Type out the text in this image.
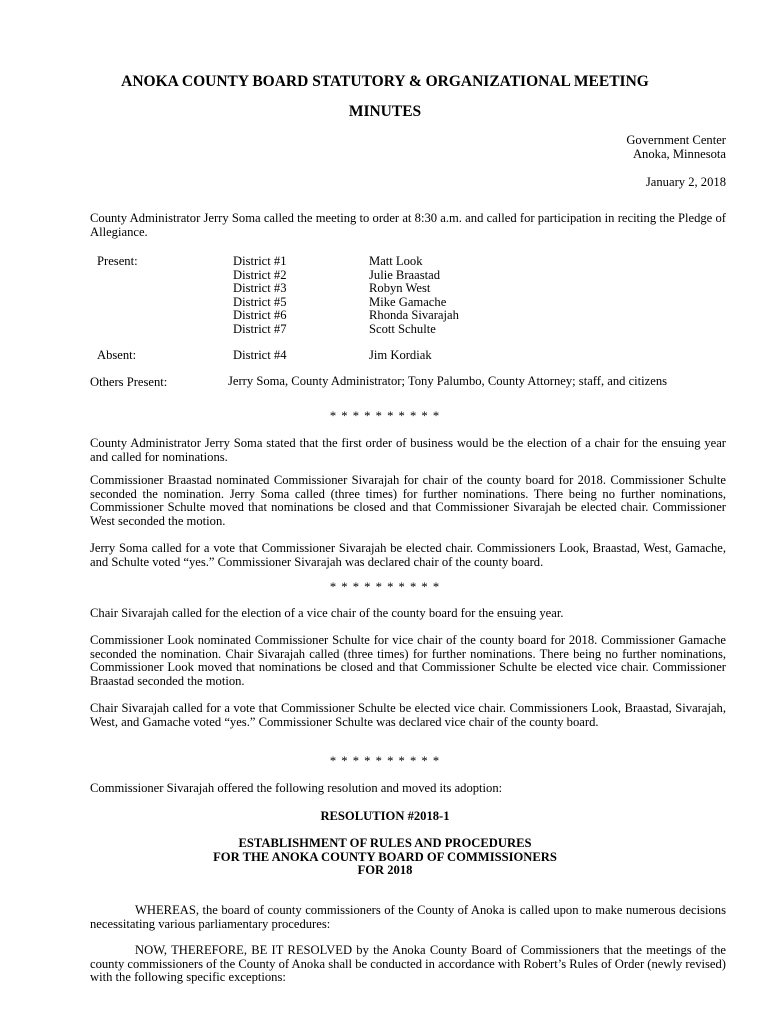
ANOKA COUNTY BOARD STATUTORY & ORGANIZATIONAL MEETING
MINUTES
Government Center
Anoka, Minnesota
January 2, 2018
County Administrator Jerry Soma called the meeting to order at 8:30 a.m. and called for participation in reciting the Pledge of Allegiance.
Present:	District #1	Matt Look
District #2	Julie Braastad
District #3	Robyn West
District #5	Mike Gamache
District #6	Rhonda Sivarajah
District #7	Scott Schulte
Absent:	District #4	Jim Kordiak
Others Present:	Jerry Soma, County Administrator; Tony Palumbo, County Attorney; staff, and citizens
* * * * * * * * * *
County Administrator Jerry Soma stated that the first order of business would be the election of a chair for the ensuing year and called for nominations.
Commissioner Braastad nominated Commissioner Sivarajah for chair of the county board for 2018. Commissioner Schulte seconded the nomination. Jerry Soma called (three times) for further nominations. There being no further nominations, Commissioner Schulte moved that nominations be closed and that Commissioner Sivarajah be elected chair. Commissioner West seconded the motion.
Jerry Soma called for a vote that Commissioner Sivarajah be elected chair. Commissioners Look, Braastad, West, Gamache, and Schulte voted “yes.” Commissioner Sivarajah was declared chair of the county board.
* * * * * * * * * *
Chair Sivarajah called for the election of a vice chair of the county board for the ensuing year.
Commissioner Look nominated Commissioner Schulte for vice chair of the county board for 2018. Commissioner Gamache seconded the nomination. Chair Sivarajah called (three times) for further nominations. There being no further nominations, Commissioner Look moved that nominations be closed and that Commissioner Schulte be elected vice chair. Commissioner Braastad seconded the motion.
Chair Sivarajah called for a vote that Commissioner Schulte be elected vice chair. Commissioners Look, Braastad, Sivarajah, West, and Gamache voted “yes.” Commissioner Schulte was declared vice chair of the county board.
* * * * * * * * * *
Commissioner Sivarajah offered the following resolution and moved its adoption:
RESOLUTION #2018-1
ESTABLISHMENT OF RULES AND PROCEDURES
FOR THE ANOKA COUNTY BOARD OF COMMISSIONERS
FOR 2018
WHEREAS, the board of county commissioners of the County of Anoka is called upon to make numerous decisions necessitating various parliamentary procedures:
NOW, THEREFORE, BE IT RESOLVED by the Anoka County Board of Commissioners that the meetings of the county commissioners of the County of Anoka shall be conducted in accordance with Robert’s Rules of Order (newly revised) with the following specific exceptions:
